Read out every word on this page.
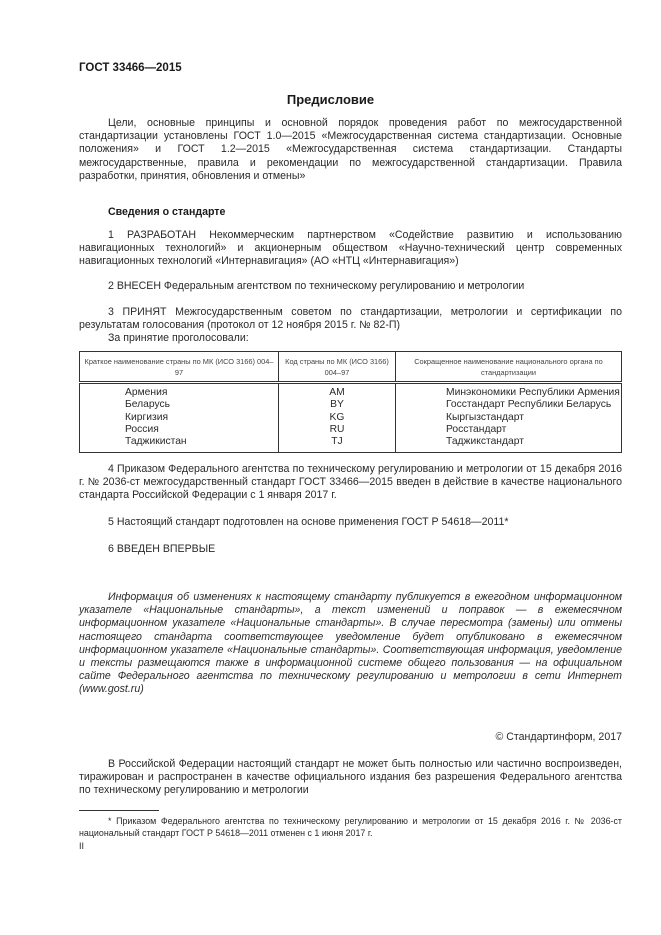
ГОСТ 33466—2015
Предисловие
Цели, основные принципы и основной порядок проведения работ по межгосударственной стандартизации установлены ГОСТ 1.0—2015 «Межгосударственная система стандартизации. Основные положения» и ГОСТ 1.2—2015 «Межгосударственная система стандартизации. Стандарты межгосударственные, правила и рекомендации по межгосударственной стандартизации. Правила разработки, принятия, обновления и отмены»
Сведения о стандарте
1 РАЗРАБОТАН Некоммерческим партнерством «Содействие развитию и использованию навигационных технологий» и акционерным обществом «Научно-технический центр современных навигационных технологий «Интернавигация» (АО «НТЦ «Интернавигация»)
2 ВНЕСЕН Федеральным агентством по техническому регулированию и метрологии
3 ПРИНЯТ Межгосударственным советом по стандартизации, метрологии и сертификации по результатам голосования (протокол от 12 ноября 2015 г. № 82-П)
За принятие проголосовали:
Краткое наименование страны по МК (ИСО 3166) 004–97	Код страны по МК (ИСО 3166) 004–97	Сокращенное наименование национального органа по стандартизации
Армения	AM	Минэкономики Республики Армения
Беларусь	BY	Госстандарт Республики Беларусь
Киргизия	KG	Кыргызстандарт
Россия	RU	Росстандарт
Таджикистан	TJ	Таджикстандарт
4 Приказом Федерального агентства по техническому регулированию и метрологии от 15 декабря 2016 г. № 2036-ст межгосударственный стандарт ГОСТ 33466—2015 введен в действие в качестве национального стандарта Российской Федерации с 1 января 2017 г.
5 Настоящий стандарт подготовлен на основе применения ГОСТ Р 54618—2011*
6 ВВЕДЕН ВПЕРВЫЕ
Информация об изменениях к настоящему стандарту публикуется в ежегодном информационном указателе «Национальные стандарты», а текст изменений и поправок — в ежемесячном информационном указателе «Национальные стандарты». В случае пересмотра (замены) или отмены настоящего стандарта соответствующее уведомление будет опубликовано в ежемесячном информационном указателе «Национальные стандарты». Соответствующая информация, уведомление и тексты размещаются также в информационной системе общего пользования — на официальном сайте Федерального агентства по техническому регулированию и метрологии в сети Интернет (www.gost.ru)
© Стандартинформ, 2017
В Российской Федерации настоящий стандарт не может быть полностью или частично воспроизведен, тиражирован и распространен в качестве официального издания без разрешения Федерального агентства по техническому регулированию и метрологии
* Приказом Федерального агентства по техническому регулированию и метрологии от 15 декабря 2016 г. № 2036-ст национальный стандарт ГОСТ Р 54618—2011 отменен с 1 июня 2017 г.
II
